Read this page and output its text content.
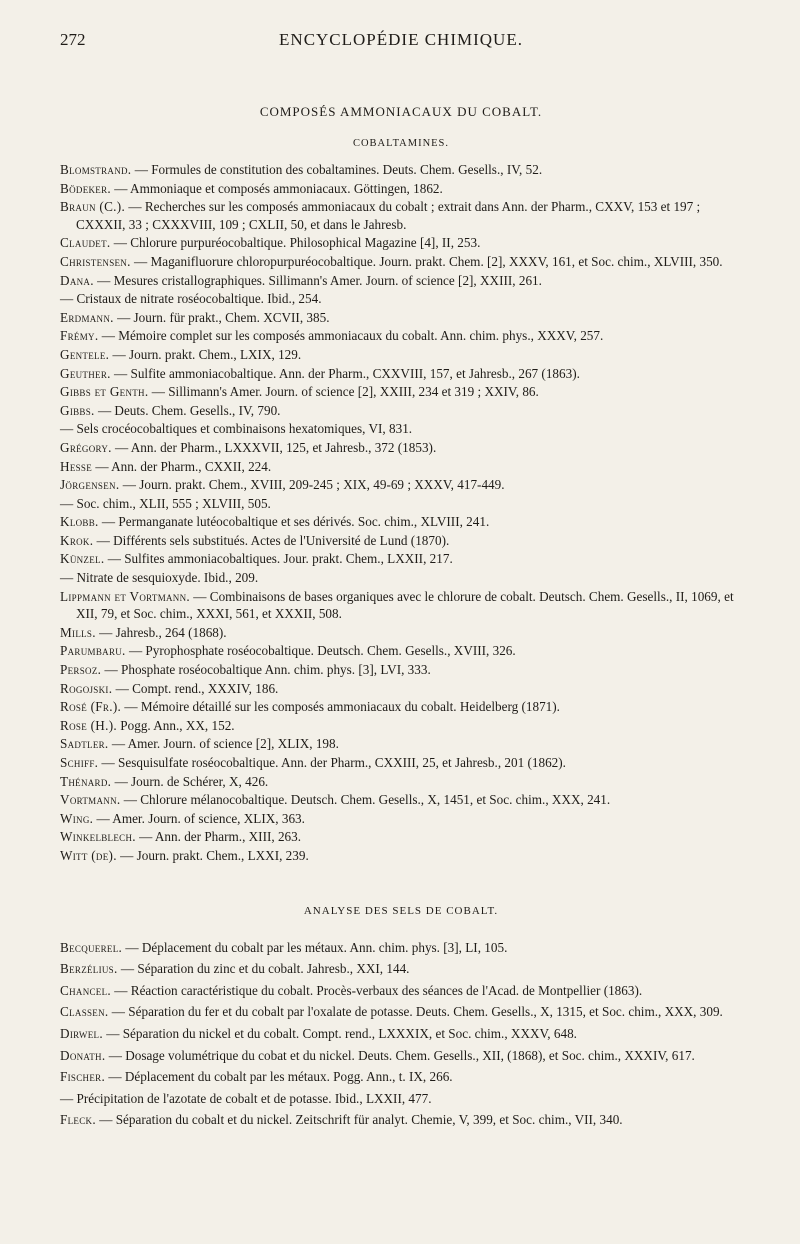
272	ENCYCLOPÉDIE CHIMIQUE.
COMPOSÉS AMMONIACAUX DU COBALT.
COBALTAMINES.
Blomstrand. — Formules de constitution des cobaltamines. Deuts. Chem. Gesells., IV, 52.
Bödeker. — Ammoniaque et composés ammoniacaux. Göttingen, 1862.
Braun (C.). — Recherches sur les composés ammoniacaux du cobalt ; extrait dans Ann. der Pharm., CXXV, 153 et 197 ; CXXXII, 33 ; CXXXVIII, 109 ; CXLII, 50, et dans le Jahresb.
Claudet. — Chlorure purpuréocobaltique. Philosophical Magazine [4], II, 253.
Christensen. — Maganifluorure chloropurpuréocobaltique. Journ. prakt. Chem. [2], XXXV, 161, et Soc. chim., XLVIII, 350.
Dana. — Mesures cristallographiques. Sillimann's Amer. Journ. of science [2], XXIII, 261.
— Cristaux de nitrate roséocobaltique. Ibid., 254.
Erdmann. — Journ. für prakt., Chem. XCVII, 385.
Frémy. — Mémoire complet sur les composés ammoniacaux du cobalt. Ann. chim. phys., XXXV, 257.
Gentele. — Journ. prakt. Chem., LXIX, 129.
Geuther. — Sulfite ammoniacobaltique. Ann. der Pharm., CXXVIII, 157, et Jahresb., 267 (1863).
Gibbs et Genth. — Sillimann's Amer. Journ. of science [2], XXIII, 234 et 319 ; XXIV, 86.
Gibbs. — Deuts. Chem. Gesells., IV, 790.
— Sels crocéocobaltiques et combinaisons hexatomiques, VI, 831.
Grégory. — Ann. der Pharm., LXXXVII, 125, et Jahresb., 372 (1853).
Hesse — Ann. der Pharm., CXXII, 224.
Jörgensen. — Journ. prakt. Chem., XVIII, 209-245 ; XIX, 49-69 ; XXXV, 417-449.
— Soc. chim., XLII, 555 ; XLVIII, 505.
Klobb. — Permanganate lutéocobaltique et ses dérivés. Soc. chim., XLVIII, 241.
Krok. — Différents sels substitués. Actes de l'Université de Lund (1870).
Künzel. — Sulfites ammoniacobaltiques. Jour. prakt. Chem., LXXII, 217.
— Nitrate de sesquioxyde. Ibid., 209.
Lippmann et Vortmann. — Combinaisons de bases organiques avec le chlorure de cobalt. Deutsch. Chem. Gesells., II, 1069, et XII, 79, et Soc. chim., XXXI, 561, et XXXII, 508.
Mills. — Jahresb., 264 (1868).
Parumbaru. — Pyrophosphate roséocobaltique. Deutsch. Chem. Gesells., XVIII, 326.
Persoz. — Phosphate roséocobaltique Ann. chim. phys. [3], LVI, 333.
Rogojski. — Compt. rend., XXXIV, 186.
Rosé (Fr.). — Mémoire détaillé sur les composés ammoniacaux du cobalt. Heidelberg (1871).
Rose (H.). Pogg. Ann., XX, 152.
Sadtler. — Amer. Journ. of science [2], XLIX, 198.
Schiff. — Sesquisulfate roséocobaltique. Ann. der Pharm., CXXIII, 25, et Jahresb., 201 (1862).
Thénard. — Journ. de Schérer, X, 426.
Vortmann. — Chlorure mélanocobaltique. Deutsch. Chem. Gesells., X, 1451, et Soc. chim., XXX, 241.
Wing. — Amer. Journ. of science, XLIX, 363.
Winkelblech. — Ann. der Pharm., XIII, 263.
Witt (de). — Journ. prakt. Chem., LXXI, 239.
ANALYSE DES SELS DE COBALT.
Becquerel. — Déplacement du cobalt par les métaux. Ann. chim. phys. [3], LI, 105.
Berzélius. — Séparation du zinc et du cobalt. Jahresb., XXI, 144.
Chancel. — Réaction caractéristique du cobalt. Procès-verbaux des séances de l'Acad. de Montpellier (1863).
Classen. — Séparation du fer et du cobalt par l'oxalate de potasse. Deuts. Chem. Gesells., X, 1315, et Soc. chim., XXX, 309.
Dirwel. — Séparation du nickel et du cobalt. Compt. rend., LXXXIX, et Soc. chim., XXXV, 648.
Donath. — Dosage volumétrique du cobat et du nickel. Deuts. Chem. Gesells., XII, (1868), et Soc. chim., XXXIV, 617.
Fischer. — Déplacement du cobalt par les métaux. Pogg. Ann., t. IX, 266.
— Précipitation de l'azotate de cobalt et de potasse. Ibid., LXXII, 477.
Fleck. — Séparation du cobalt et du nickel. Zeitschrift für analyt. Chemie, V, 399, et Soc. chim., VII, 340.
